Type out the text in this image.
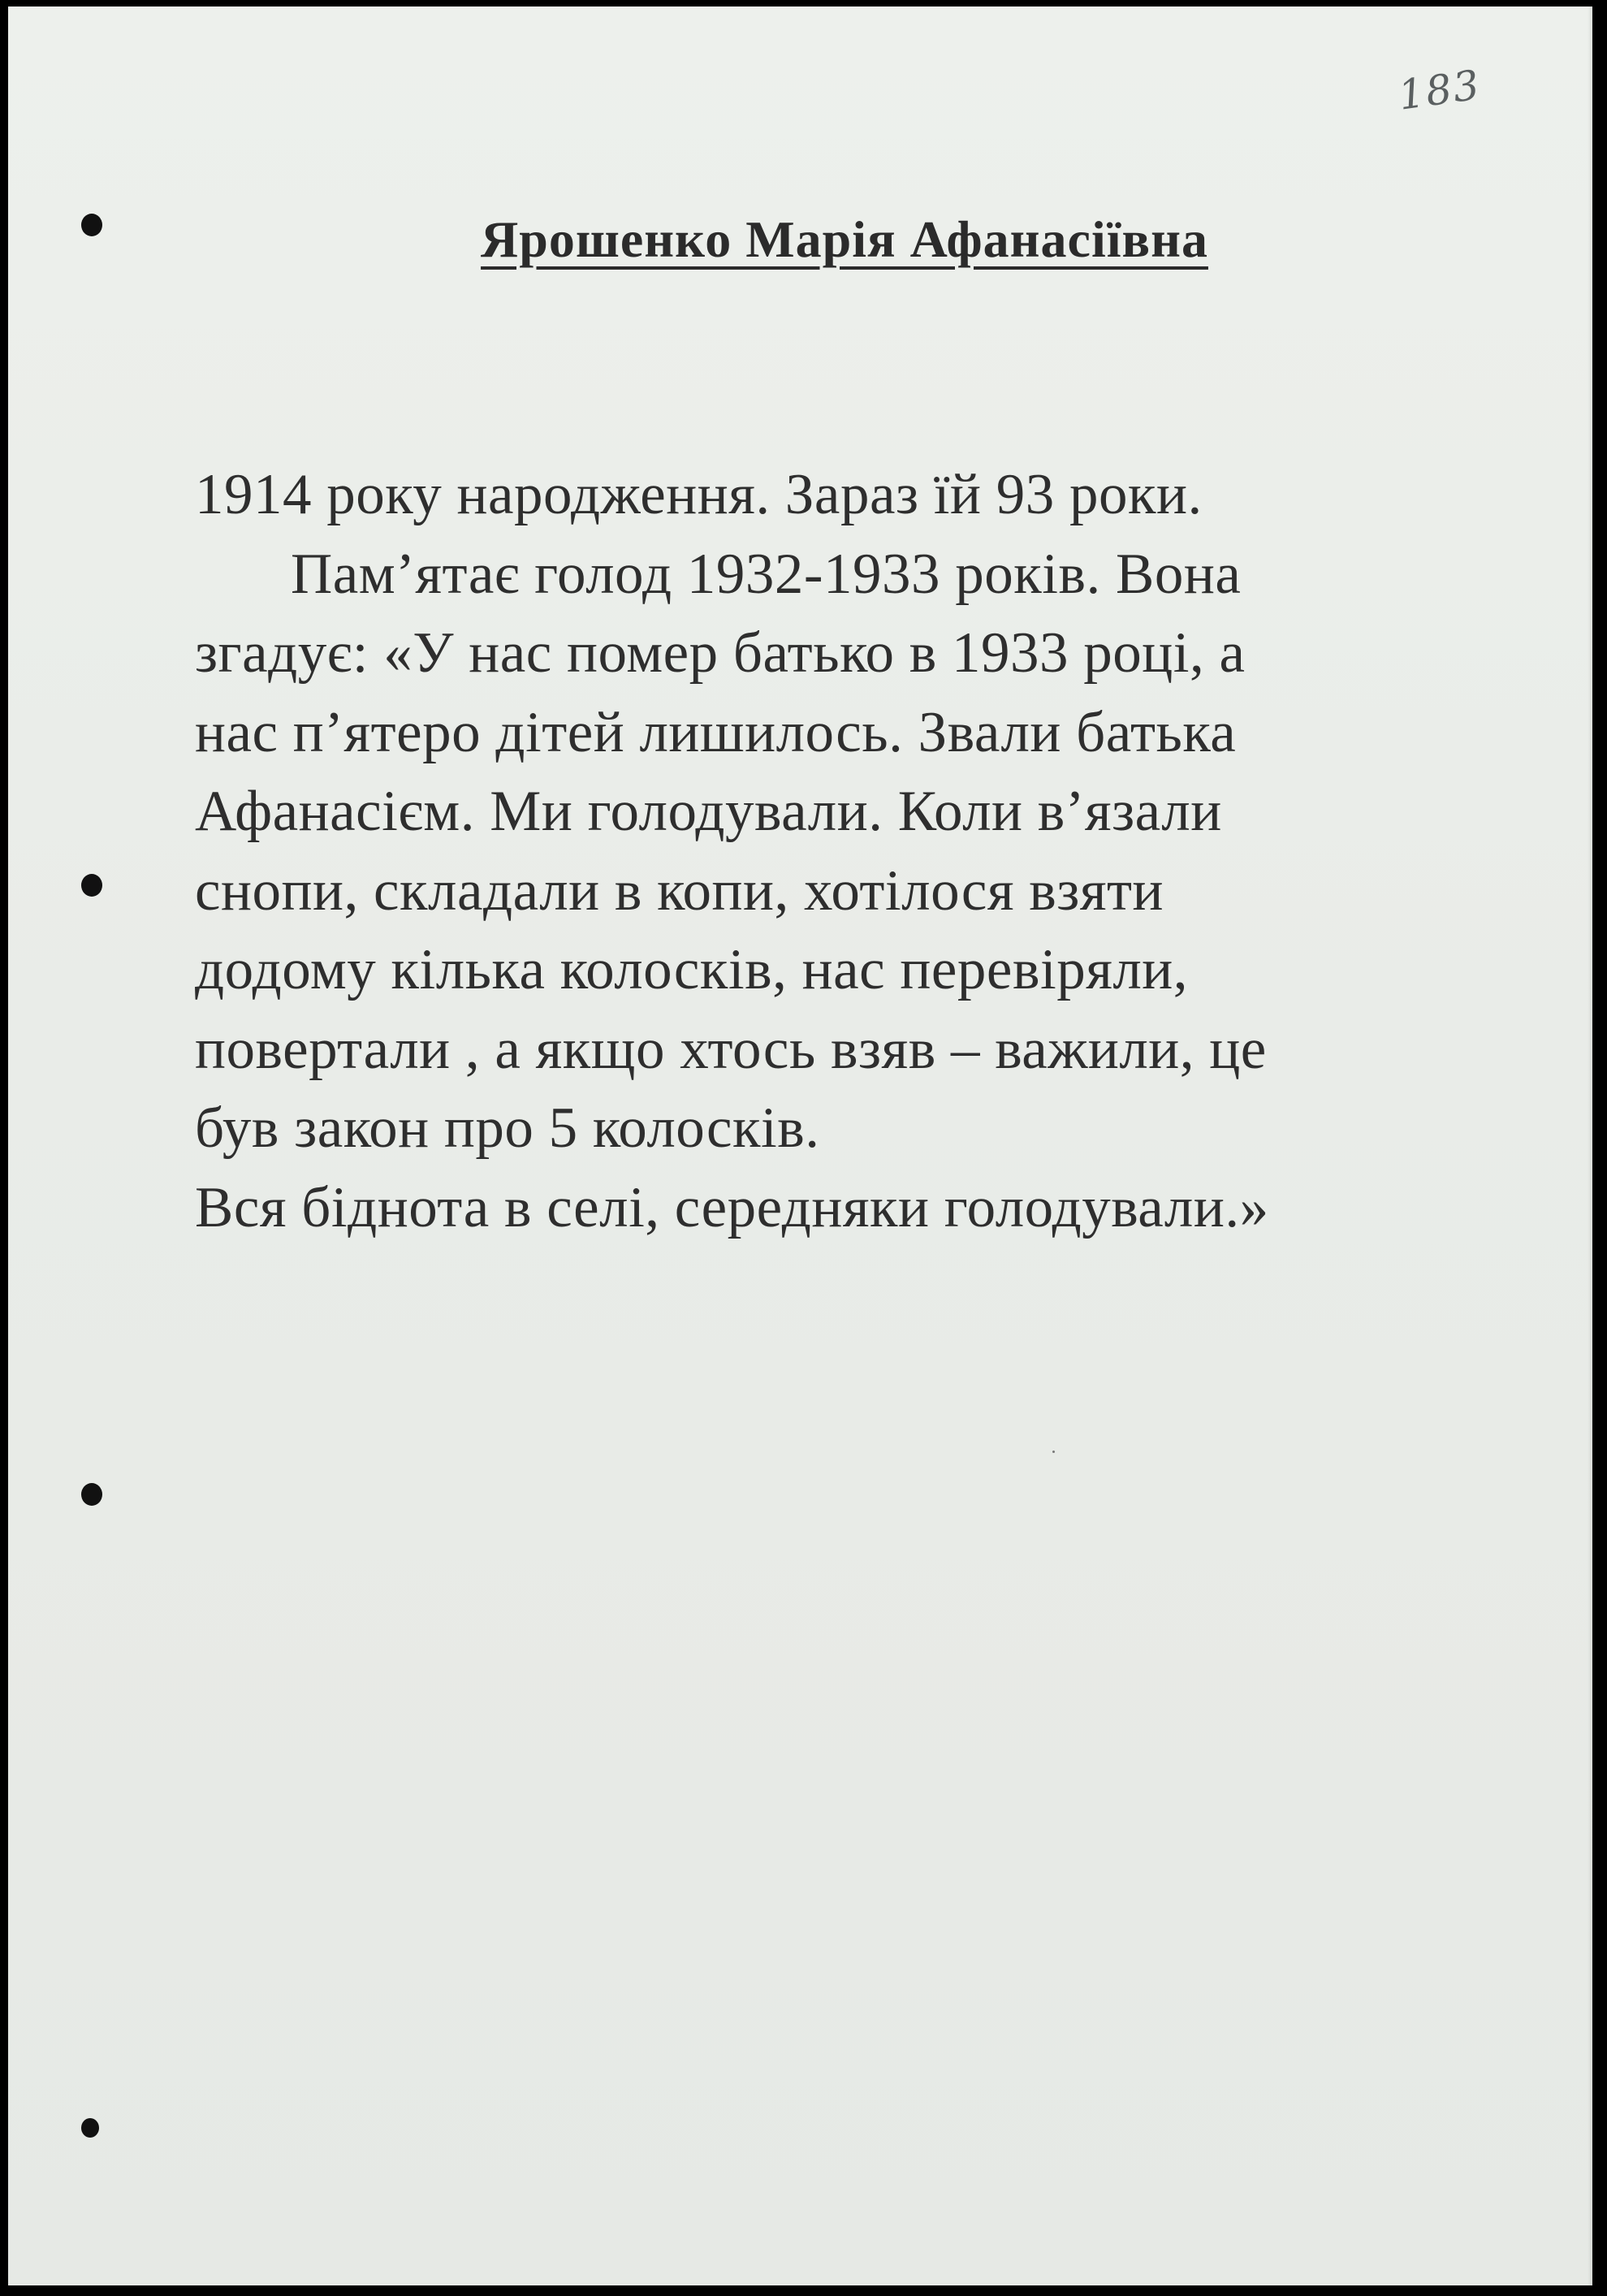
183
Ярошенко Марія Афанасіївна
1914 року народження. Зараз їй 93 роки.
Пам’ятає голод 1932-1933 років. Вона
згадує: «У нас помер батько в 1933 році, а
нас п’ятеро дітей лишилось. Звали батька
Афанасієм. Ми голодували. Коли в’язали
снопи, складали в копи, хотілося взяти
додому кілька колосків, нас перевіряли,
повертали , а якщо хтось взяв – важили, це
був закон про 5 колосків.
Вся біднота в селі, середняки голодували.»
